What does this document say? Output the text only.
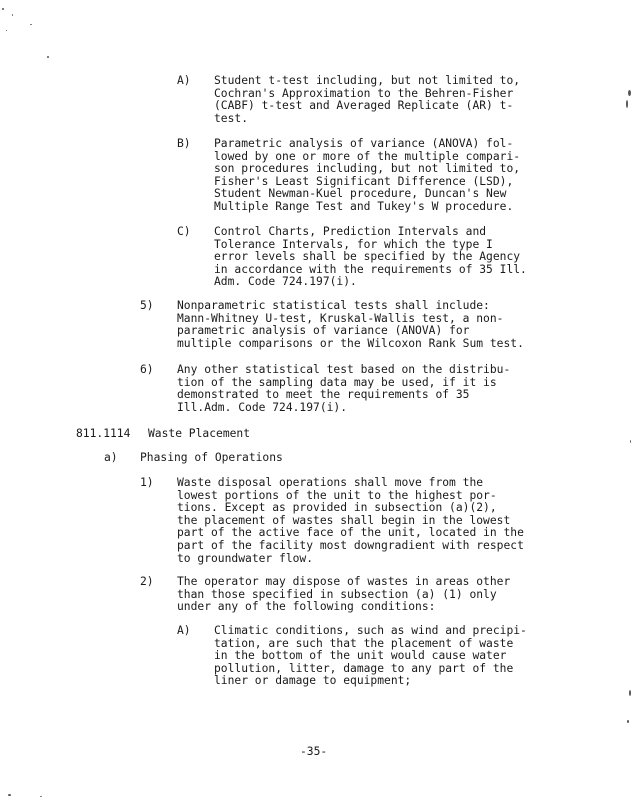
A) Student t-test including, but not limited to,
Cochran's Approximation to the Behren-Fisher
(CABF) t-test and Averaged Replicate (AR) t-
test.
B) Parametric analysis of variance (ANOVA) fol-
lowed by one or more of the multiple compari-
son procedures including, but not limited to,
Fisher's Least Significant Difference (LSD),
Student Newman-Kuel procedure, Duncan's New
Multiple Range Test and Tukey's W procedure.
C) Control Charts, Prediction Intervals and
Tolerance Intervals, for which the type I
error levels shall be specified by the Agency
in accordance with the requirements of 35 Ill.
Adm. Code 724.197(i).
5) Nonparametric statistical tests shall include:
Mann-Whitney U-test, Kruskal-Wallis test, a non-
parametric analysis of variance (ANOVA) for
multiple comparisons or the Wilcoxon Rank Sum test.
6) Any other statistical test based on the distribu-
tion of the sampling data may be used, if it is
demonstrated to meet the requirements of 35
Ill.Adm. Code 724.197(i).
811.1114 Waste Placement
a) Phasing of Operations
1) Waste disposal operations shall move from the
lowest portions of the unit to the highest por-
tions. Except as provided in subsection (a)(2),
the placement of wastes shall begin in the lowest
part of the active face of the unit, located in the
part of the facility most downgradient with respect
to groundwater flow.
2) The operator may dispose of wastes in areas other
than those specified in subsection (a) (1) only
under any of the following conditions:
A) Climatic conditions, such as wind and precipi-
tation, are such that the placement of waste
in the bottom of the unit would cause water
pollution, litter, damage to any part of the
liner or damage to equipment;
-35-
